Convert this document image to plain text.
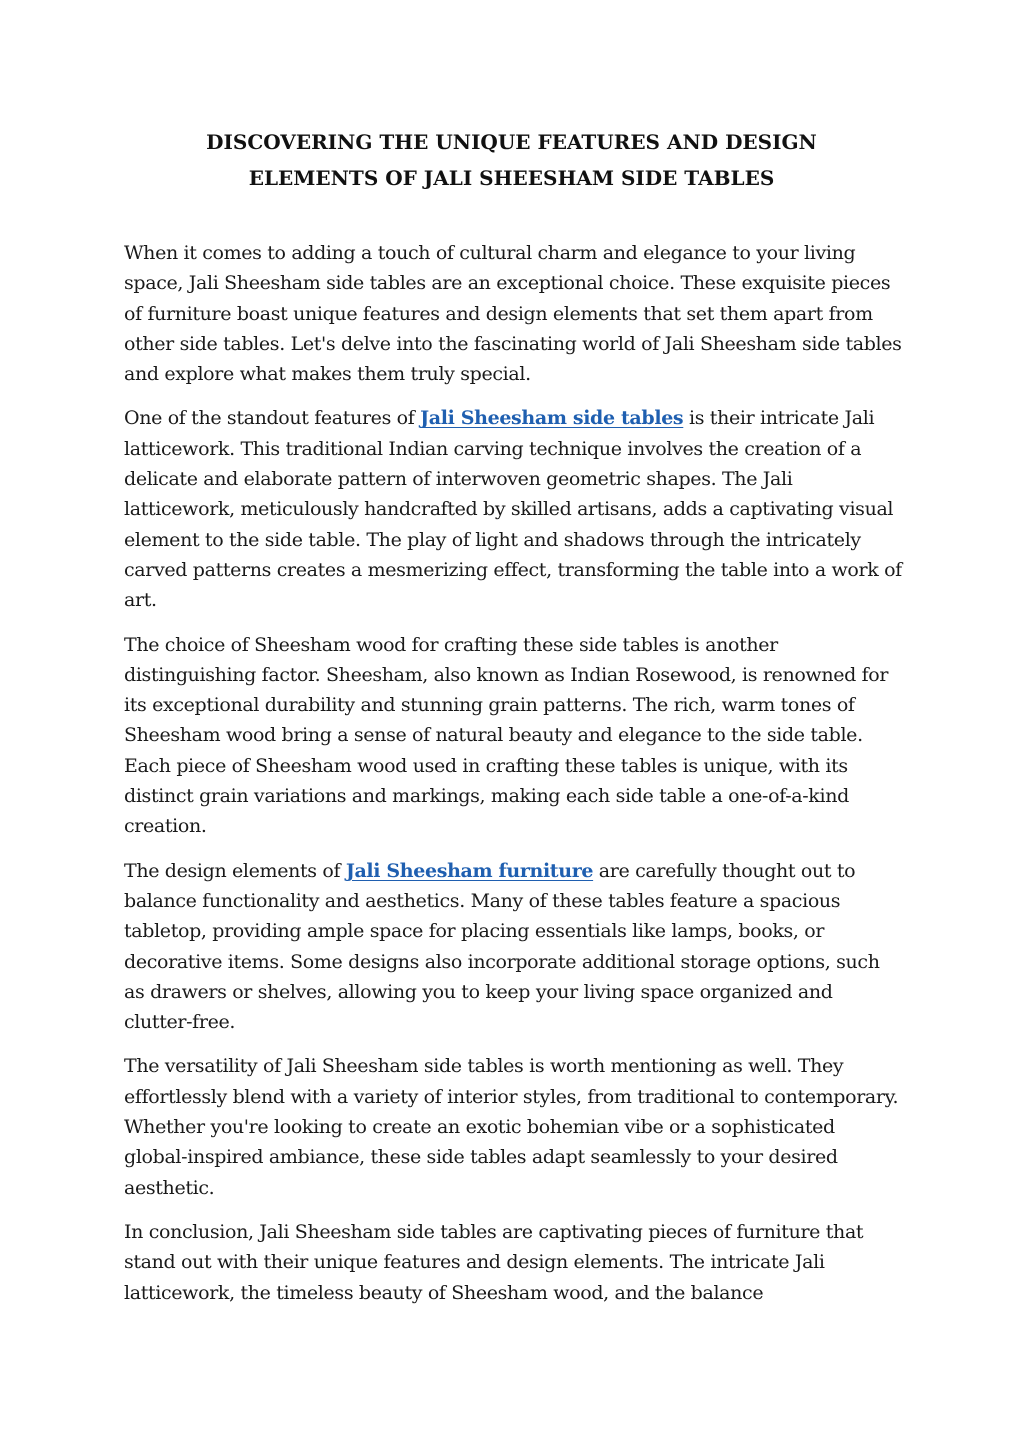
DISCOVERING THE UNIQUE FEATURES AND DESIGN
ELEMENTS OF JALI SHEESHAM SIDE TABLES

When it comes to adding a touch of cultural charm and elegance to your living space, Jali Sheesham side tables are an exceptional choice. These exquisite pieces of furniture boast unique features and design elements that set them apart from other side tables. Let's delve into the fascinating world of Jali Sheesham side tables and explore what makes them truly special.

One of the standout features of Jali Sheesham side tables is their intricate Jali latticework. This traditional Indian carving technique involves the creation of a delicate and elaborate pattern of interwoven geometric shapes. The Jali latticework, meticulously handcrafted by skilled artisans, adds a captivating visual element to the side table. The play of light and shadows through the intricately carved patterns creates a mesmerizing effect, transforming the table into a work of art.

The choice of Sheesham wood for crafting these side tables is another distinguishing factor. Sheesham, also known as Indian Rosewood, is renowned for its exceptional durability and stunning grain patterns. The rich, warm tones of Sheesham wood bring a sense of natural beauty and elegance to the side table. Each piece of Sheesham wood used in crafting these tables is unique, with its distinct grain variations and markings, making each side table a one-of-a-kind creation.

The design elements of Jali Sheesham furniture are carefully thought out to balance functionality and aesthetics. Many of these tables feature a spacious tabletop, providing ample space for placing essentials like lamps, books, or decorative items. Some designs also incorporate additional storage options, such as drawers or shelves, allowing you to keep your living space organized and clutter-free.

The versatility of Jali Sheesham side tables is worth mentioning as well. They effortlessly blend with a variety of interior styles, from traditional to contemporary. Whether you're looking to create an exotic bohemian vibe or a sophisticated global-inspired ambiance, these side tables adapt seamlessly to your desired aesthetic.

In conclusion, Jali Sheesham side tables are captivating pieces of furniture that stand out with their unique features and design elements. The intricate Jali latticework, the timeless beauty of Sheesham wood, and the balance
